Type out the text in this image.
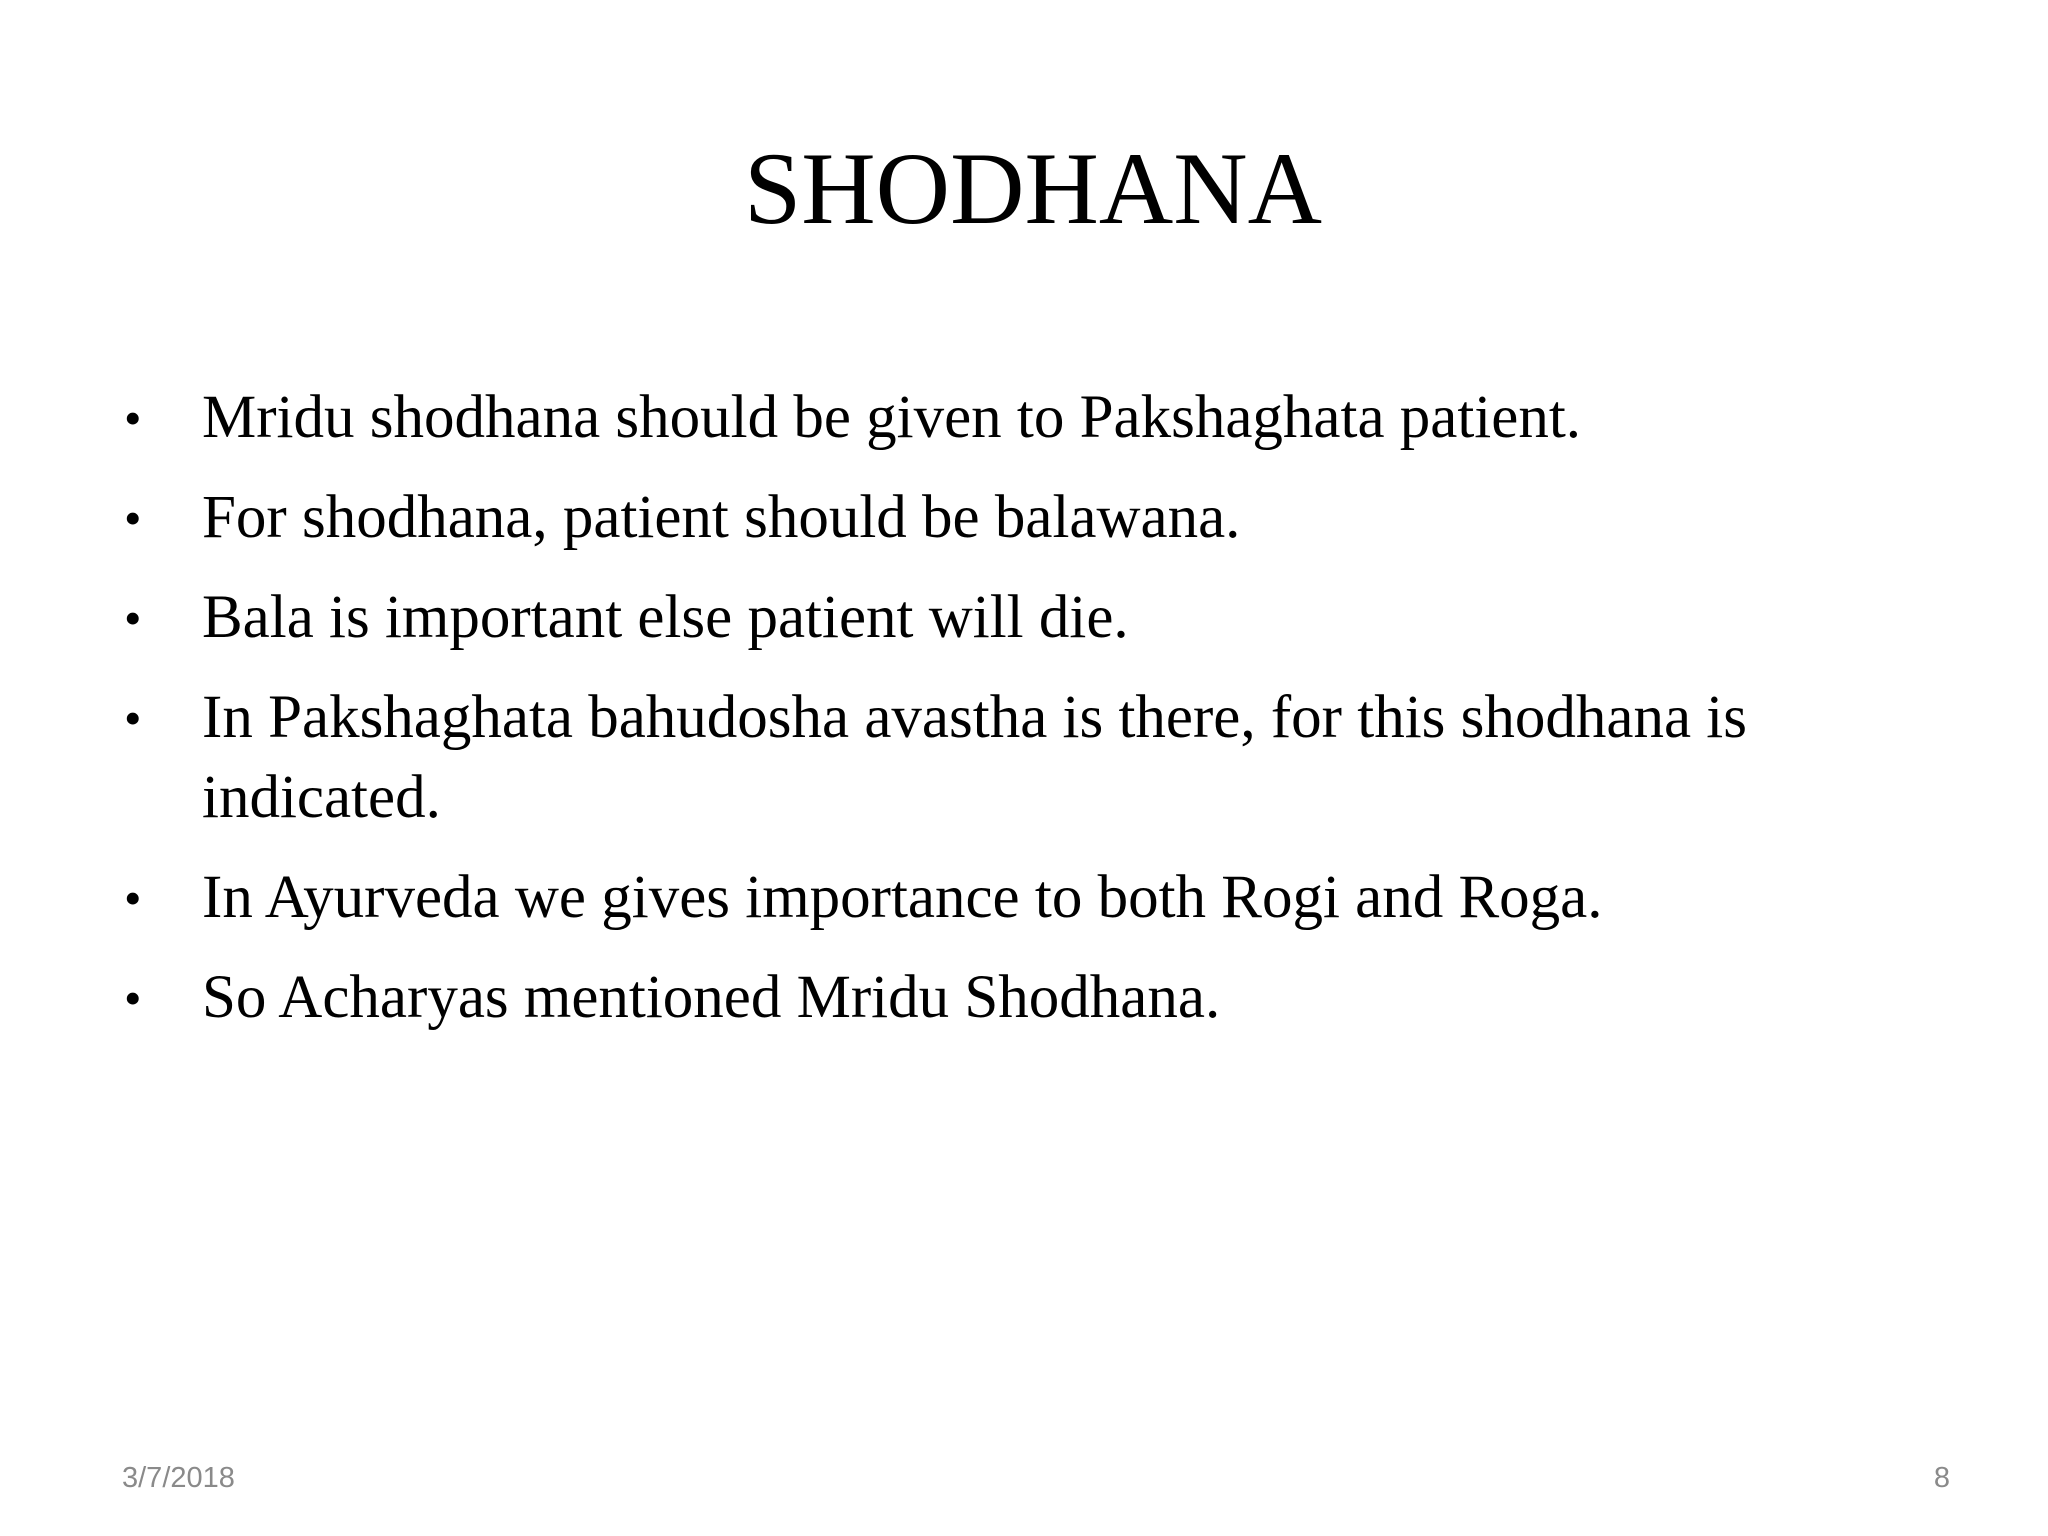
SHODHANA
• Mridu shodhana should be given to Pakshaghata patient.
• For shodhana, patient should be balawana.
• Bala is important else patient will die.
• In Pakshaghata bahudosha avastha is there, for this shodhana is indicated.
• In Ayurveda we gives importance to both Rogi and Roga.
• So Acharyas mentioned Mridu Shodhana.
3/7/2018	8
